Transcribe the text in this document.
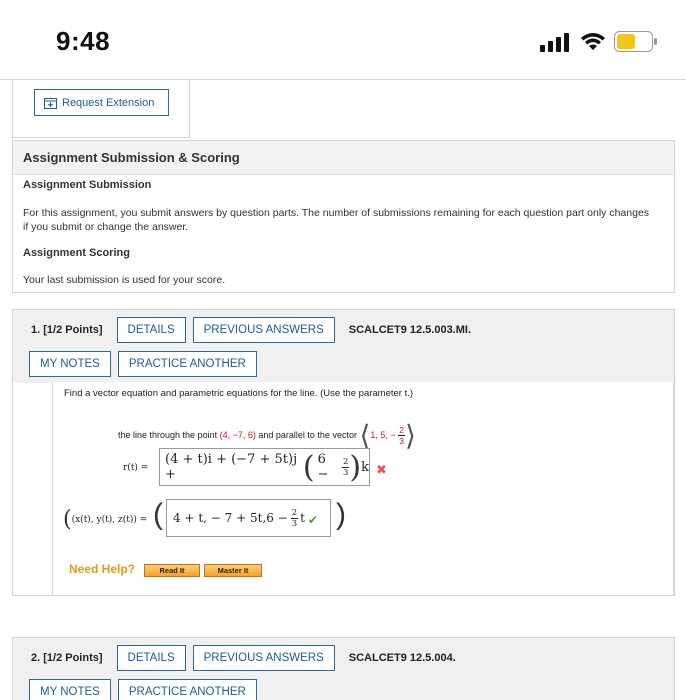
9:48
Request Extension
Assignment Submission & Scoring
Assignment Submission
For this assignment, you submit answers by question parts. The number of submissions remaining for each question part only changes if you submit or change the answer.
Assignment Scoring
Your last submission is used for your score.
1. [1/2 Points]	DETAILS	PREVIOUS ANSWERS	SCALCET9 12.5.003.MI.
MY NOTES	PRACTICE ANOTHER
Find a vector equation and parametric equations for the line. (Use the parameter t.)
the line through the point (4, −7, 6) and parallel to the vector ⟨1, 5, − $\frac{2}{3}$ ⟩
r(t) =
(4 + t)i + (−7 + 5t)j +	( 6 −	$\frac{2}{3}$ ) k ✖
( (x(t), y(t), z(t)) = ( 4 + t, − $7 + 5t,6 - \frac{2}{3}$ t ✔ )
Need Help?	Read It	Master It
2. [1/2 Points]	DETAILS	PREVIOUS ANSWERS	SCALCET9 12.5.004.
MY NOTES	PRACTICE ANOTHER
